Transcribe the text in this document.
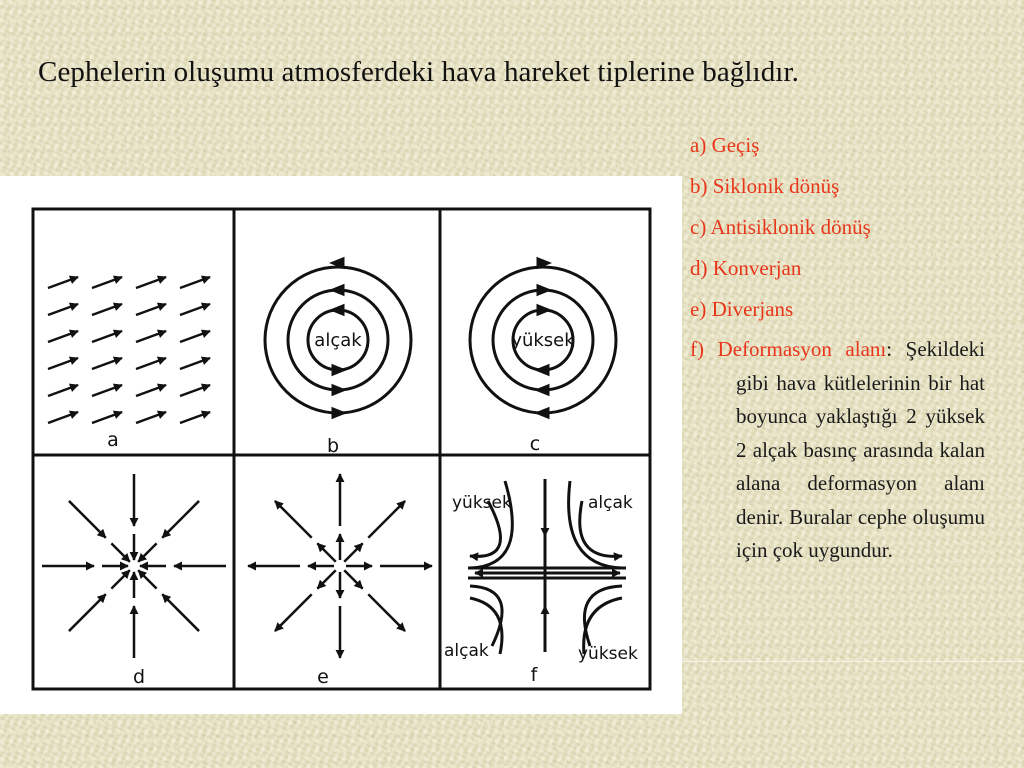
Cephelerin oluşumu atmosferdeki hava hareket tiplerine bağlıdır.
alçak	yüksek
yüksek	alçak
alçak	yüksek
a	b	c
d	e	f
a) Geçiş
b) Siklonik dönüş
c) Antisiklonik dönüş
d) Konverjan
e) Diverjans
f) Deformasyon alanı: Şekildeki gibi hava kütlelerinin bir hat boyunca yaklaştığı 2 yüksek 2 alçak basınç arasında kalan alana deformasyon alanı denir. Buralar cephe oluşumu için çok uygundur.
